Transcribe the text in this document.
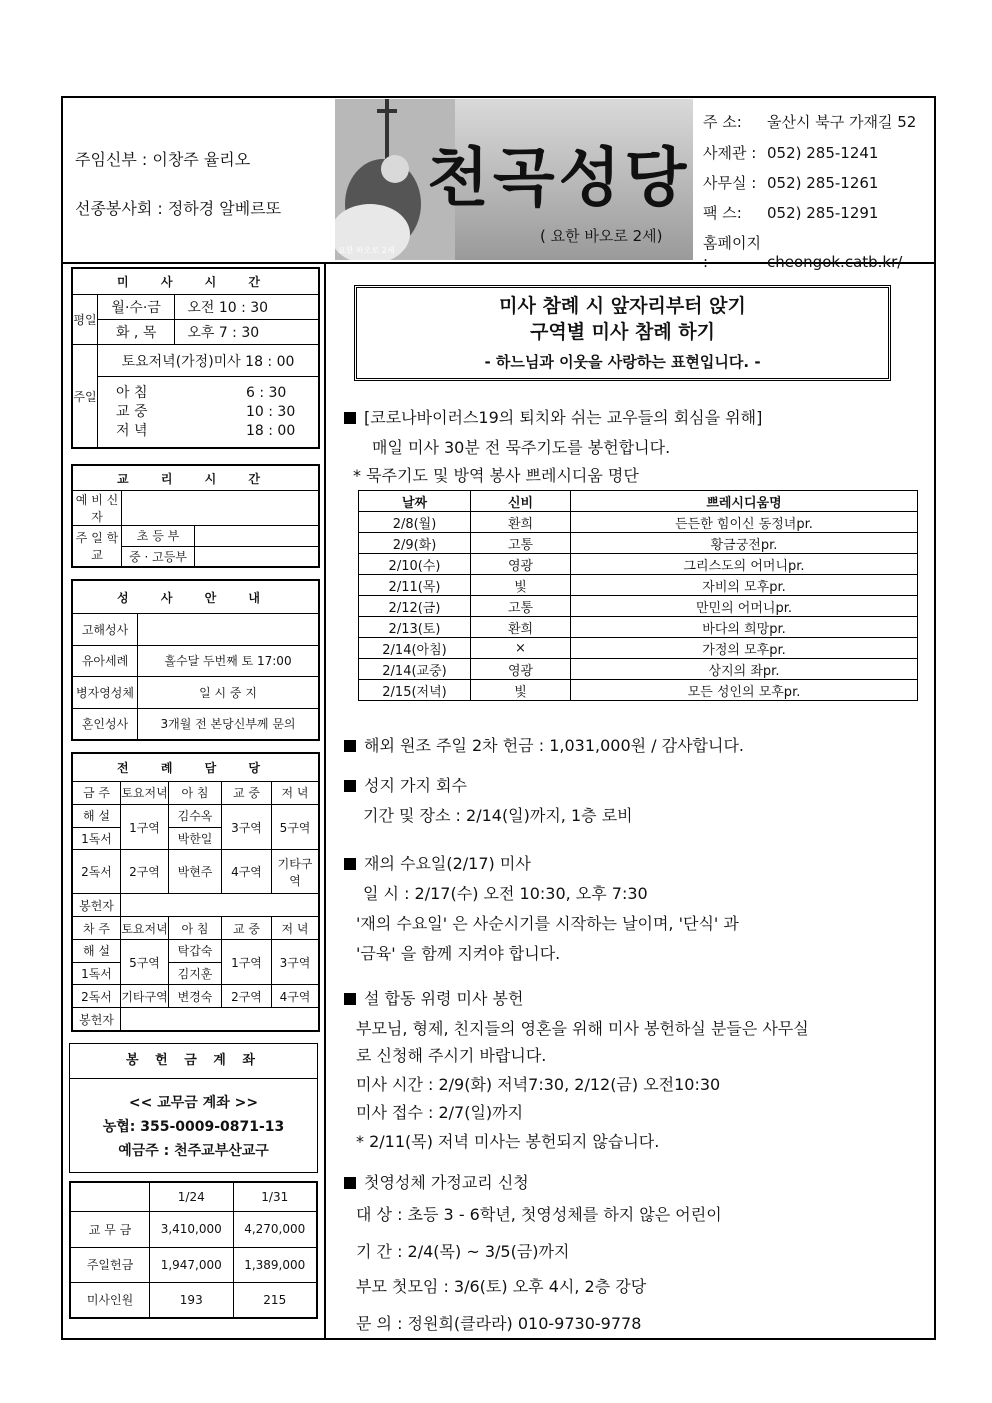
주임신부 : 이창주 율리오
선종봉사회 : 정하경 알베르또
요한 바오로 2세
천곡성당
( 요한 바오로 2세)
주 소: 울산시 북구 가재길 52
사제관 : 052) 285-1241
사무실 : 052) 285-1261
팩 스: 052) 285-1291
홈페이지 :	cheongok.catb.kr/
미 사 시 간		
평일	월·수·금	오전 10 : 30
	화 , 목	오후 7 : 30
주일	토요저녁(가정)미사 18 : 00	

	아 침 6 : 30
교 중 10 : 30
저 녁 18 : 00	
교 리 시 간		
예 비 신 자		
주 일 학 교	초 등 부	
	중 · 고등부	
성 사 안 내	
고해성사	
유아세례	홀수달 두번째 토 17:00
병자영성체	일 시 중 지
혼인성사	3개월 전 본당신부께 문의
전 례 담 당				
금 주	토요저녁	아 침	교 중	저 녁
해 설	1구역	김수옥	3구역	5구역
1독서		박한일		
2독서	2구역	박현주	4구역	기타구역
봉헌자				
차 주	토요저녁	아 침	교 중	저 녁
해 설	5구역	탁갑숙	1구역	3구역
1독서		김지훈		
2독서	기타구역	변경숙	2구역	4구역
봉헌자				
봉 헌 금 계 좌
<< 교무금 계좌 >>
농협: 355-0009-0871-13
예금주 : 천주교부산교구
	1/24	1/31
교 무 금	3,410,000	4,270,000
주일헌금	1,947,000	1,389,000
미사인원	193	215
미사 참례 시 앞자리부터 앉기
구역별 미사 참례 하기
- 하느님과 이웃을 사랑하는 표현입니다. -
[코로나바이러스19의 퇴치와 쉬는 교우들의 회심을 위해]
매일 미사 30분 전 묵주기도를 봉헌합니다.
* 묵주기도 및 방역 봉사 쁘레시디움 명단
날짜	신비	쁘레시디움명
2/8(월)	환희	든든한 힘이신 동정녀pr.
2/9(화)	고통	황금궁전pr.
2/10(수)	영광	그리스도의 어머니pr.
2/11(목)	빛	자비의 모후pr.
2/12(금)	고통	만민의 어머니pr.
2/13(토)	환희	바다의 희망pr.
2/14(아침)	×	가정의 모후pr.
2/14(교중)	영광	상지의 좌pr.
2/15(저녁)	빛	모든 성인의 모후pr.
해외 원조 주일 2차 헌금 : 1,031,000원 / 감사합니다.
성지 가지 회수
기간 및 장소 : 2/14(일)까지, 1층 로비
재의 수요일(2/17) 미사
일 시 : 2/17(수) 오전 10:30, 오후 7:30
'재의 수요일' 은 사순시기를 시작하는 날이며, '단식' 과
'금육' 을 함께 지켜야 합니다.
설 합동 위령 미사 봉헌
부모님, 형제, 친지들의 영혼을 위해 미사 봉헌하실 분들은 사무실
로 신청해 주시기 바랍니다.
미사 시간 : 2/9(화) 저녁7:30, 2/12(금) 오전10:30
미사 접수 : 2/7(일)까지
* 2/11(목) 저녁 미사는 봉헌되지 않습니다.
첫영성체 가정교리 신청
대 상 : 초등 3 - 6학년, 첫영성체를 하지 않은 어린이
기 간 : 2/4(목) ~ 3/5(금)까지
부모 첫모임 : 3/6(토) 오후 4시, 2층 강당
문 의 : 정원희(클라라) 010-9730-9778
